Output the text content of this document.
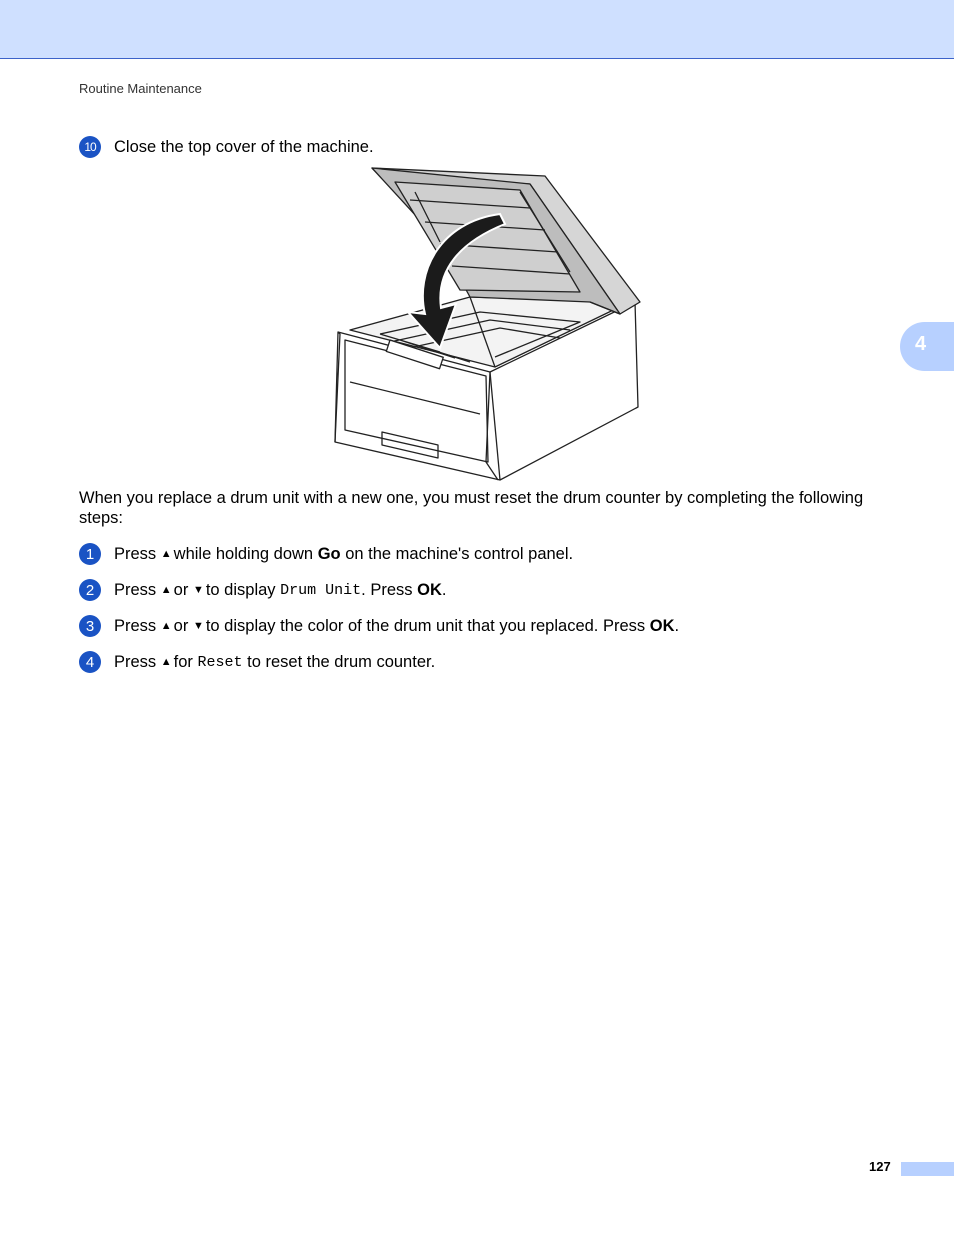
Routine Maintenance
4
10	Close the top cover of the machine.
When you replace a drum unit with a new one, you must reset the drum counter by completing the following steps:
1	Press
▲ while holding down
Go
on the machine's control panel.
2	Press
▲ or
▼ to display
Drum Unit . Press
OK .
3	Press
▲ or
▼ to display the color of the drum unit that you replaced. Press
OK .
4	Press
▲ for
Reset
to reset the drum counter.
127
